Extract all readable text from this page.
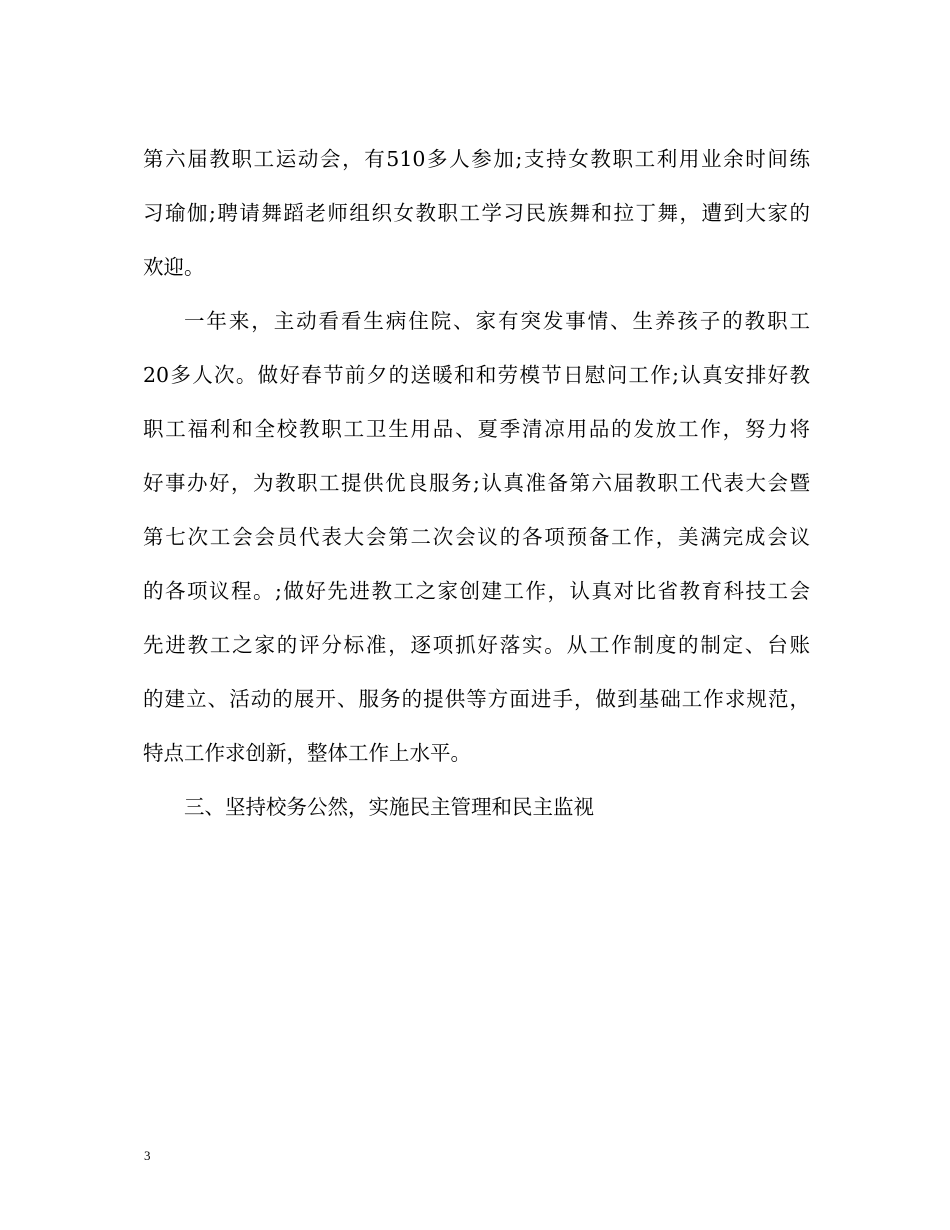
第六届教职工运动会，有510多人参加;支持女教职工利用业余时间练
习瑜伽;聘请舞蹈老师组织女教职工学习民族舞和拉丁舞，遭到大家的
欢迎。
一年来，主动看看生病住院、家有突发事情、生养孩子的教职工
20多人次。做好春节前夕的送暖和和劳模节日慰问工作;认真安排好教
职工福利和全校教职工卫生用品、夏季清凉用品的发放工作，努力将
好事办好，为教职工提供优良服务;认真准备第六届教职工代表大会暨
第七次工会会员代表大会第二次会议的各项预备工作，美满完成会议
的各项议程。;做好先进教工之家创建工作，认真对比省教育科技工会
先进教工之家的评分标准，逐项抓好落实。从工作制度的制定、台账
的建立、活动的展开、服务的提供等方面进手，做到基础工作求规范，
特点工作求创新，整体工作上水平。
三、坚持校务公然，实施民主管理和民主监视
3
